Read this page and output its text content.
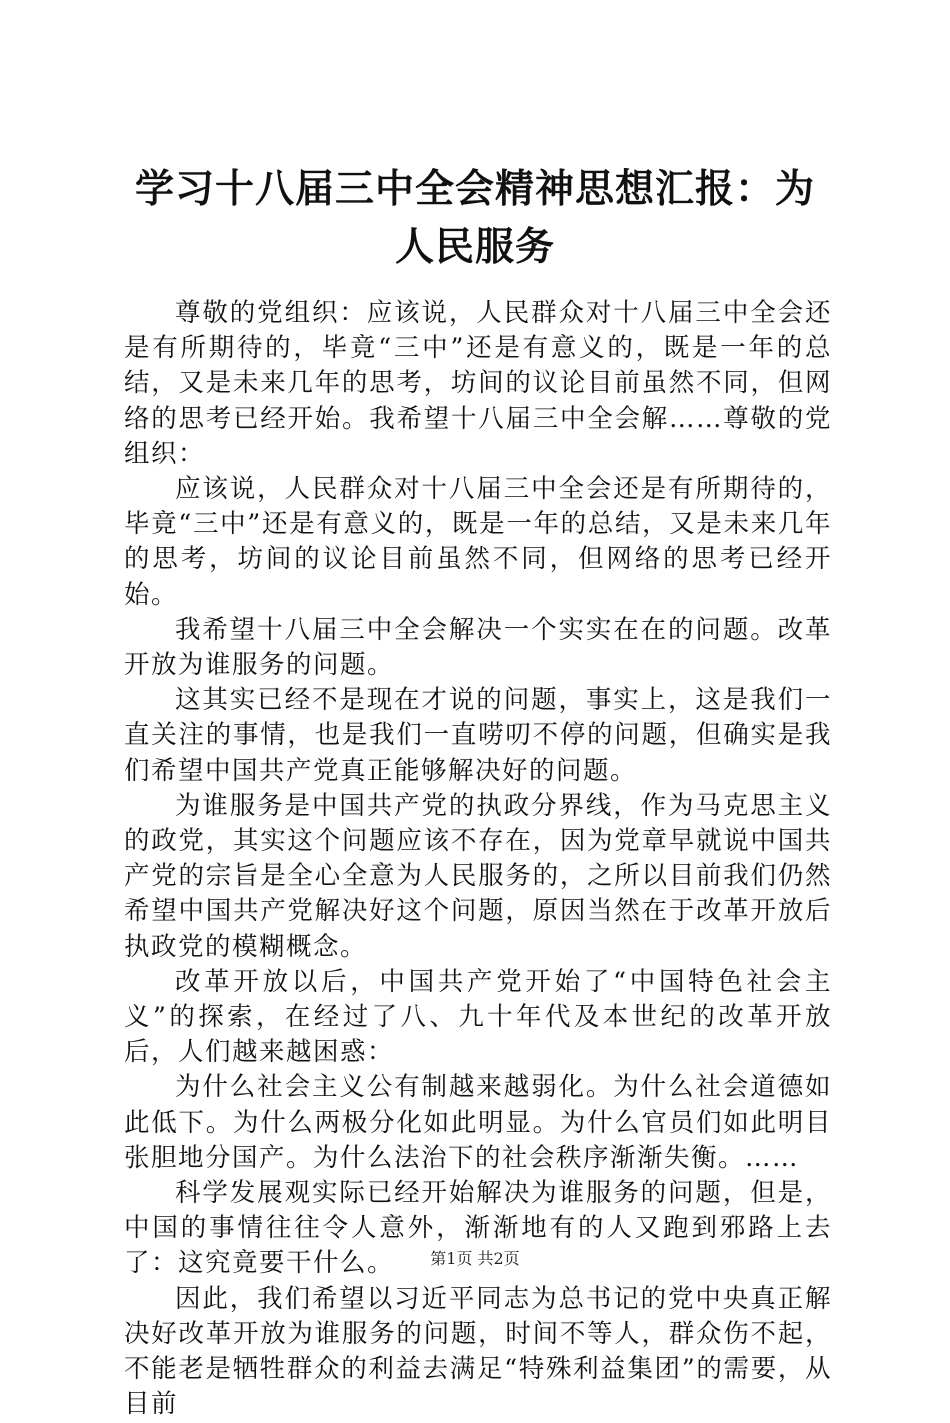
学习十八届三中全会精神思想汇报：为人民服务

尊敬的党组织：应该说，人民群众对十八届三中全会还是有所期待的，毕竟“三中”还是有意义的，既是一年的总结，又是未来几年的思考，坊间的议论目前虽然不同，但网络的思考已经开始。我希望十八届三中全会解……尊敬的党组织：

应该说，人民群众对十八届三中全会还是有所期待的，毕竟“三中”还是有意义的，既是一年的总结，又是未来几年的思考，坊间的议论目前虽然不同，但网络的思考已经开始。

我希望十八届三中全会解决一个实实在在的问题。改革开放为谁服务的问题。

这其实已经不是现在才说的问题，事实上，这是我们一直关注的事情，也是我们一直唠叨不停的问题，但确实是我们希望中国共产党真正能够解决好的问题。

为谁服务是中国共产党的执政分界线，作为马克思主义的政党，其实这个问题应该不存在，因为党章早就说中国共产党的宗旨是全心全意为人民服务的，之所以目前我们仍然希望中国共产党解决好这个问题，原因当然在于改革开放后执政党的模糊概念。

改革开放以后，中国共产党开始了“中国特色社会主义”的探索，在经过了八、九十年代及本世纪的改革开放后，人们越来越困惑：

为什么社会主义公有制越来越弱化。为什么社会道德如此低下。为什么两极分化如此明显。为什么官员们如此明目张胆地分国产。为什么法治下的社会秩序渐渐失衡。……

科学发展观实际已经开始解决为谁服务的问题，但是，中国的事情往往令人意外，渐渐地有的人又跑到邪路上去了：这究竟要干什么。

因此，我们希望以习近平同志为总书记的党中央真正解决好改革开放为谁服务的问题，时间不等人，群众伤不起，不能老是牺牲群众的利益去满足“特殊利益集团”的需要，从目前

第1页 共2页
